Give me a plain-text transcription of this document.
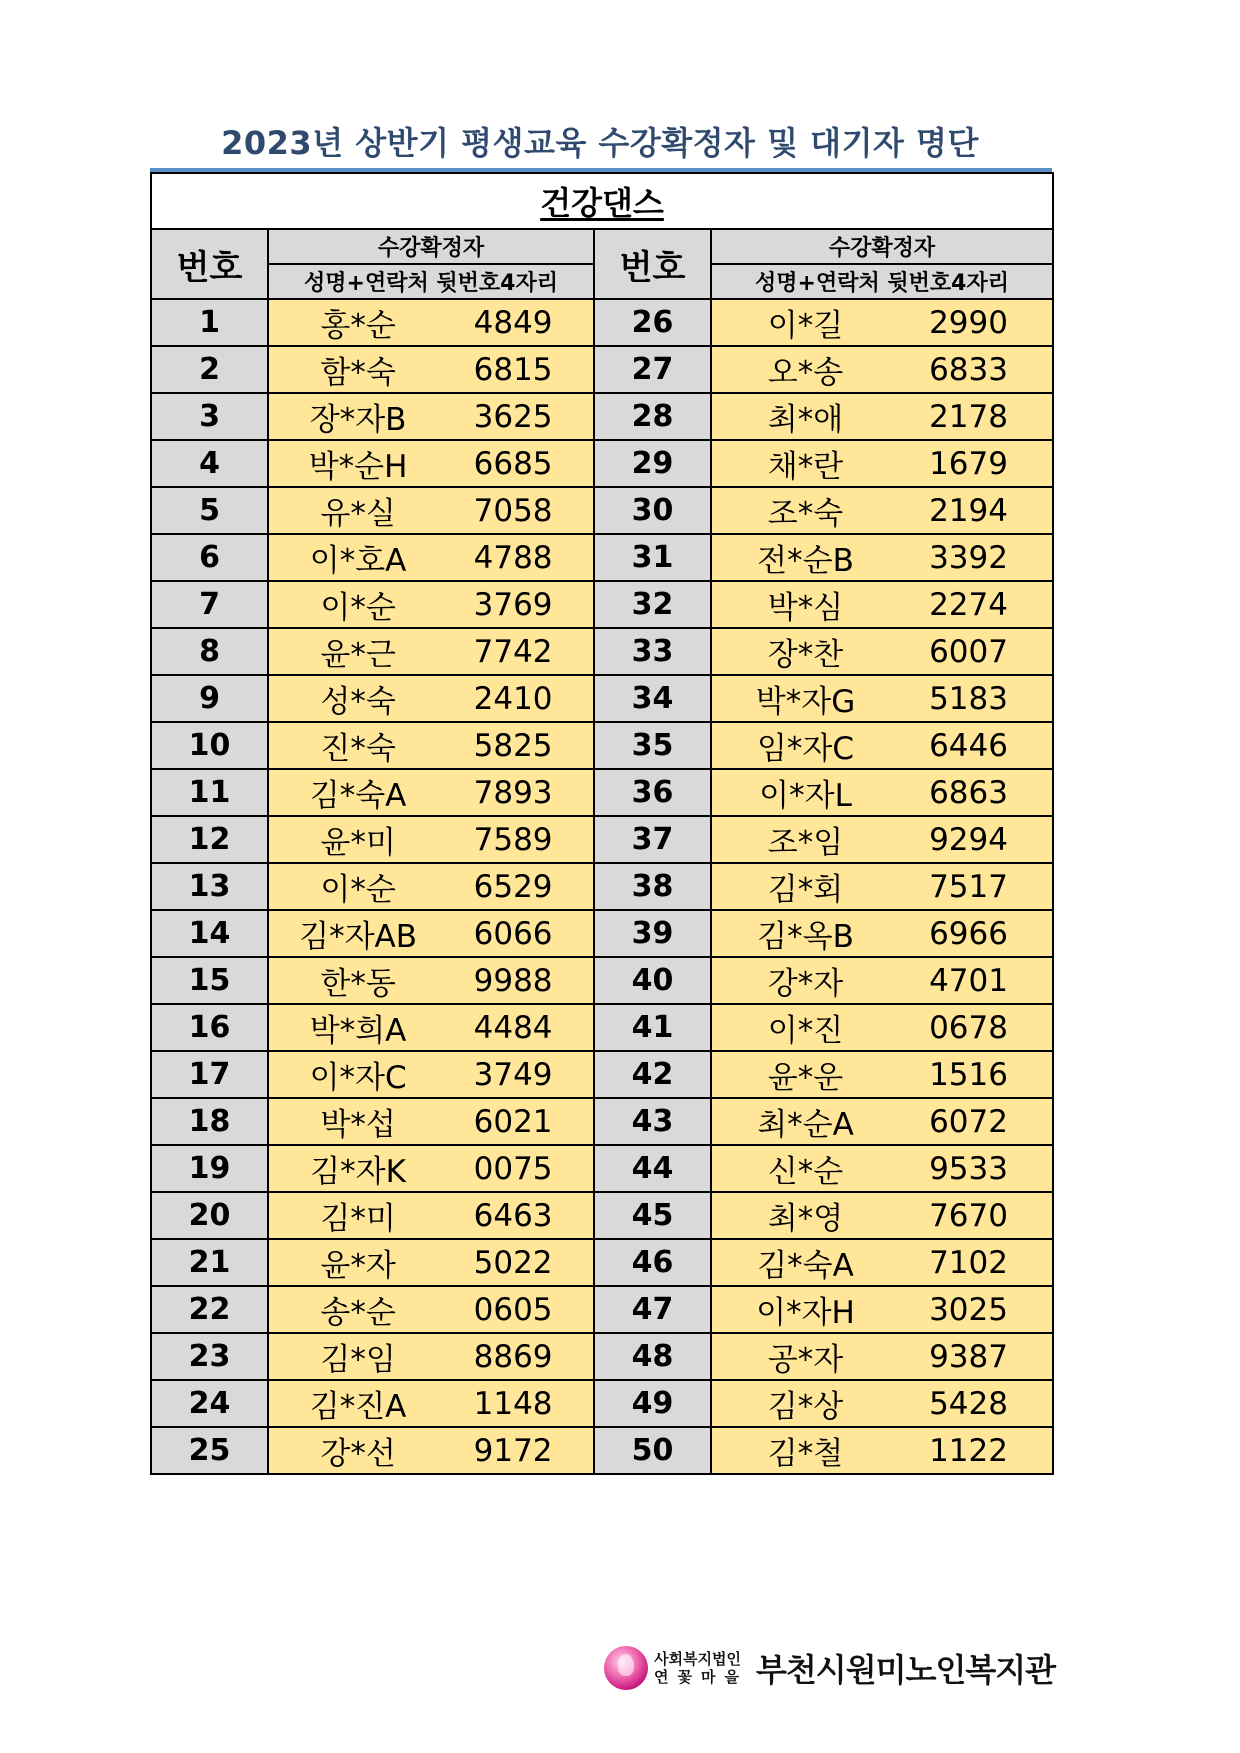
2023년 상반기 평생교육 수강확정자 및 대기자 명단
건강댄스			
번호	수강확정자	번호	수강확정자
	성명+연락처 뒷번호4자리		성명+연락처 뒷번호4자리
1	홍*순 4849	26	이*길 2990

2	함*숙 6815	27	오*송 6833

3	장*자B 3625	28	최*애 2178

4	박*순H 6685	29	채*란 1679

5	유*실 7058	30	조*숙 2194

6	이*호A 4788	31	전*순B 3392

7	이*순 3769	32	박*심 2274

8	윤*근 7742	33	장*찬 6007

9	성*숙 2410	34	박*자G 5183

10	진*숙 5825	35	임*자C 6446

11	김*숙A 7893	36	이*자L 6863

12	윤*미 7589	37	조*임 9294

13	이*순 6529	38	김*회 7517

14	김*자AB 6066	39	김*옥B 6966

15	한*동 9988	40	강*자 4701

16	박*희A 4484	41	이*진 0678

17	이*자C 3749	42	윤*운 1516

18	박*섭 6021	43	최*순A 6072

19	김*자K 0075	44	신*순 9533

20	김*미 6463	45	최*영 7670

21	윤*자 5022	46	김*숙A 7102

22	송*순 0605	47	이*자H 3025

23	김*임 8869	48	공*자 9387

24	김*진A 1148	49	김*상 5428

25	강*선 9172	50	김*철 1122
사회복지법인
연꽃마을 부천시원미노인복지관
